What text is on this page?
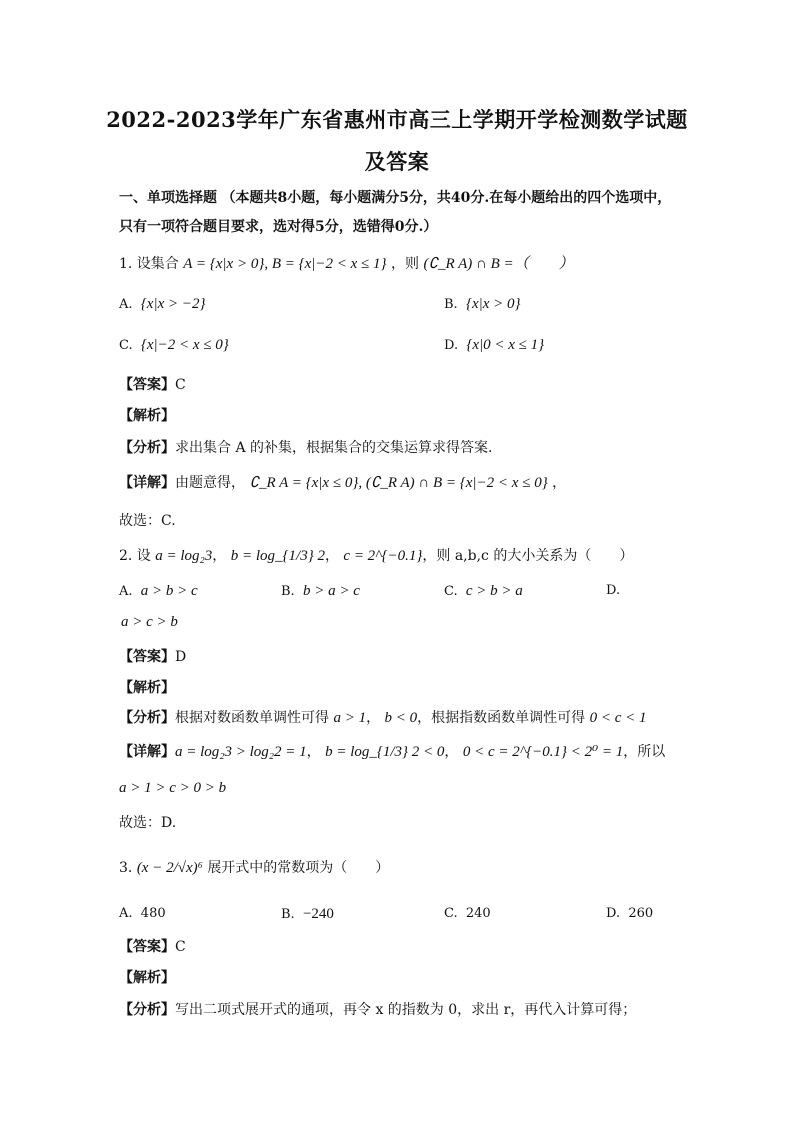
2022-2023学年广东省惠州市高三上学期开学检测数学试题
及答案
一、单项选择题 （本题共8小题，每小题满分5分，共40分.在每小题给出的四个选项中，
只有一项符合题目要求，选对得5分，选错得0分.）
1. 设集合 A = {x|x > 0}, B = {x|−2 < x ≤ 1} ，则 (∁_R A) ∩ B =（　　）
A. {x|x > −2}	B. {x|x > 0}
C. {x|−2 < x ≤ 0}	D. {x|0 < x ≤ 1}
【答案】C
【解析】
【分析】求出集合 A 的补集，根据集合的交集运算求得答案.
【详解】由题意得， ∁_R A = {x|x ≤ 0}, (∁_R A) ∩ B = {x|−2 < x ≤ 0} ，
故选：C.
2. 设 a = log₂3， b = log_{1/3} 2， c = 2^{−0.1}，则 a,b,c 的大小关系为（　　）
A. a > b > c	B. b > a > c	C. c > b > a	D.
a > c > b
【答案】D
【解析】
【分析】根据对数函数单调性可得 a > 1， b < 0，根据指数函数单调性可得 0 < c < 1
【详解】a = log₂3 > log₂2 = 1， b = log_{1/3} 2 < 0， 0 < c = 2^{−0.1} < 2⁰ = 1，所以
a > 1 > c > 0 > b
故选：D.
3. (x − 2/√x)⁶ 展开式中的常数项为（　　）
A. 480	B. −240	C. 240	D. 260
【答案】C
【解析】
【分析】写出二项式展开式的通项，再令 x 的指数为 0，求出 r，再代入计算可得；
